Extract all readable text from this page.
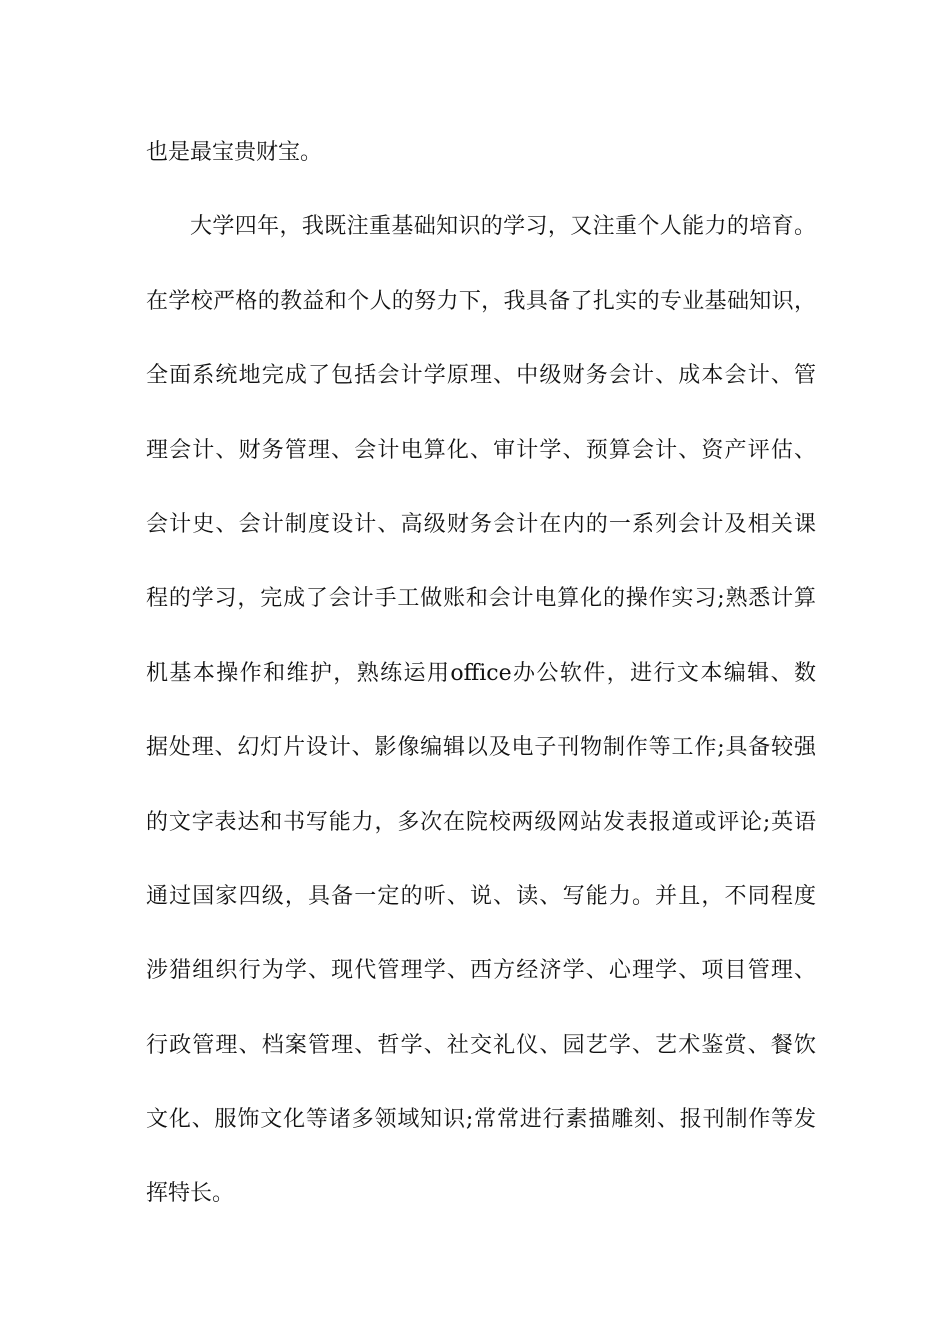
也是最宝贵财宝。
大学四年，我既注重基础知识的学习，又注重个人能力的培育。
在学校严格的教益和个人的努力下，我具备了扎实的专业基础知识，
全面系统地完成了包括会计学原理、中级财务会计、成本会计、管
理会计、财务管理、会计电算化、审计学、预算会计、资产评估、
会计史、会计制度设计、高级财务会计在内的一系列会计及相关课
程的学习，完成了会计手工做账和会计电算化的操作实习;熟悉计算
机基本操作和维护，熟练运用office办公软件，进行文本编辑、数
据处理、幻灯片设计、影像编辑以及电子刊物制作等工作;具备较强
的文字表达和书写能力，多次在院校两级网站发表报道或评论;英语
通过国家四级，具备一定的听、说、读、写能力。并且，不同程度
涉猎组织行为学、现代管理学、西方经济学、心理学、项目管理、
行政管理、档案管理、哲学、社交礼仪、园艺学、艺术鉴赏、餐饮
文化、服饰文化等诸多领域知识;常常进行素描雕刻、报刊制作等发
挥特长。
